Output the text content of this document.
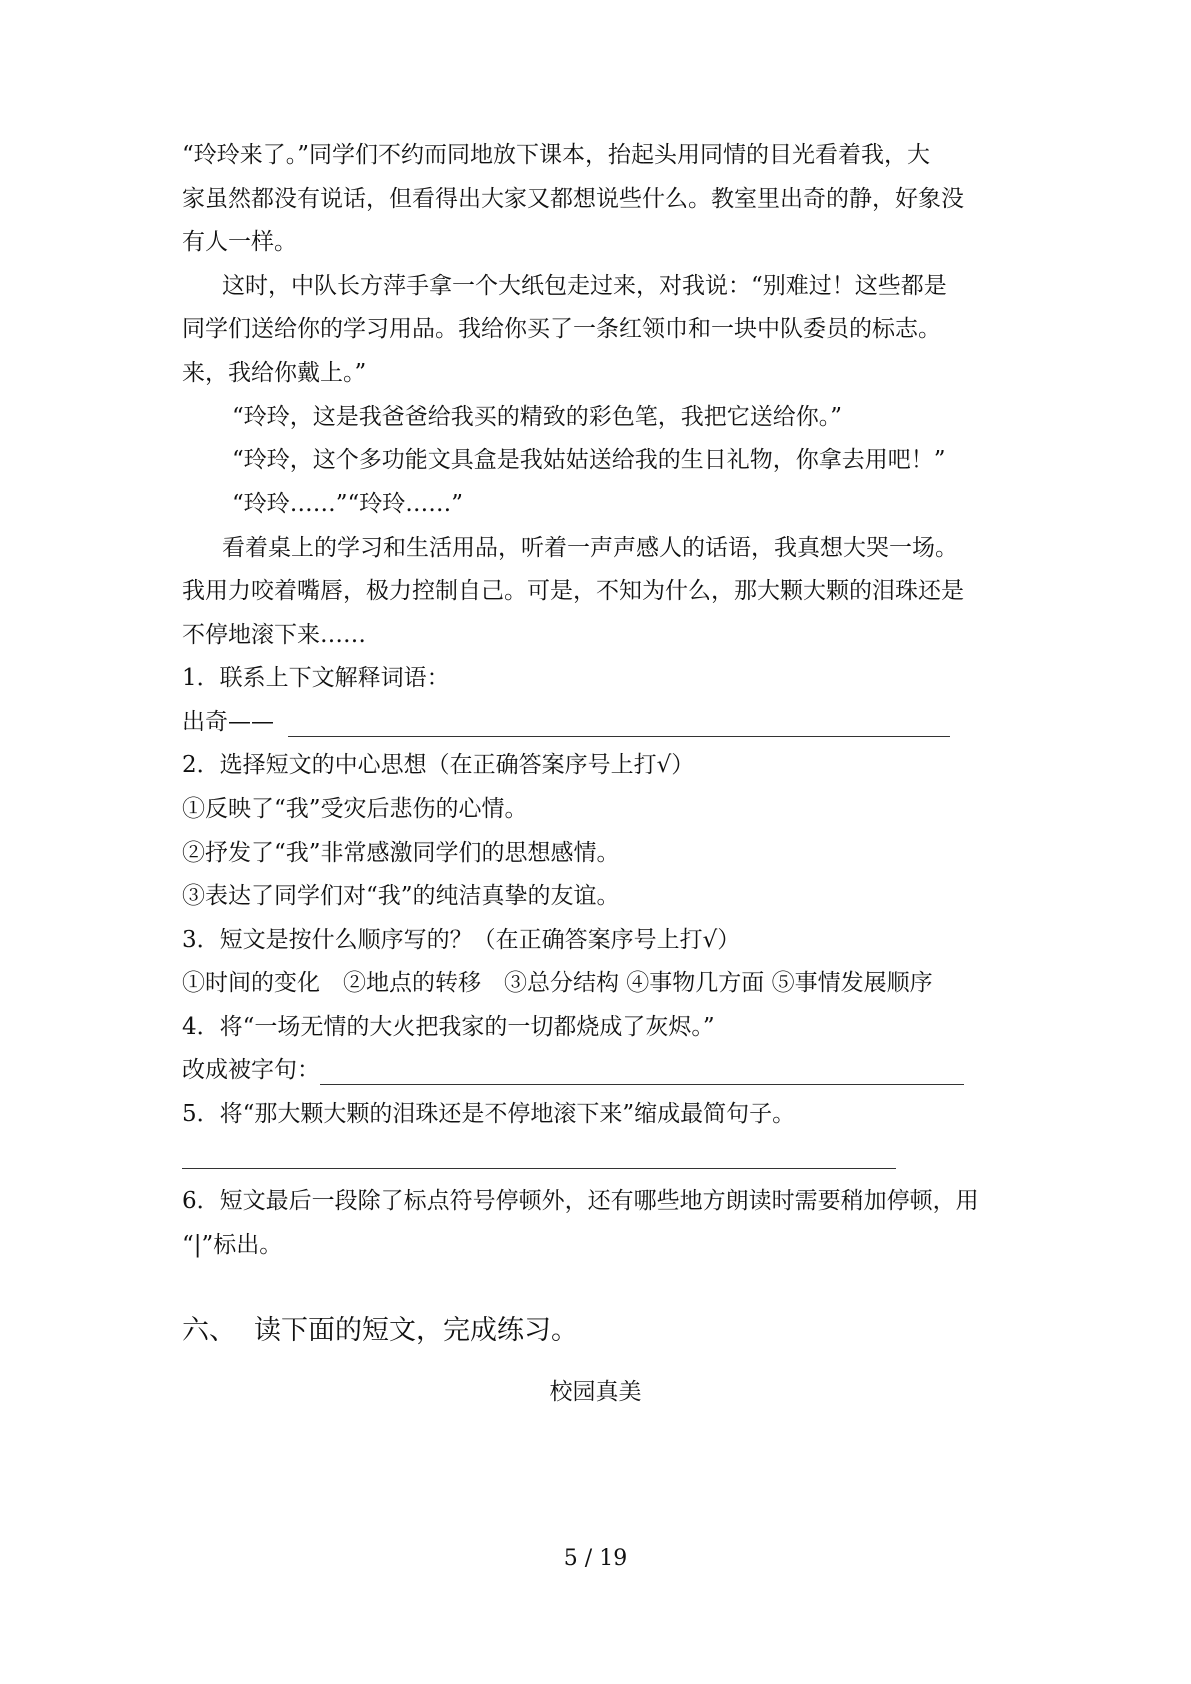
“玲玲来了。”同学们不约而同地放下课本，抬起头用同情的目光看着我，大
家虽然都没有说话，但看得出大家又都想说些什么。教室里出奇的静，好象没
有人一样。
这时，中队长方萍手拿一个大纸包走过来，对我说：“别难过！这些都是
同学们送给你的学习用品。我给你买了一条红领巾和一块中队委员的标志。
来，我给你戴上。”
“玲玲，这是我爸爸给我买的精致的彩色笔，我把它送给你。”
“玲玲，这个多功能文具盒是我姑姑送给我的生日礼物，你拿去用吧！”
“玲玲……”“玲玲……”
看着桌上的学习和生活用品，听着一声声感人的话语，我真想大哭一场。
我用力咬着嘴唇，极力控制自己。可是，不知为什么，那大颗大颗的泪珠还是
不停地滚下来……
1．联系上下文解释词语：
出奇——
2．选择短文的中心思想（在正确答案序号上打√）
①反映了“我”受灾后悲伤的心情。
②抒发了“我”非常感激同学们的思想感情。
③表达了同学们对“我”的纯洁真挚的友谊。
3．短文是按什么顺序写的？（在正确答案序号上打√）
①时间的变化　②地点的转移　③总分结构 ④事物几方面 ⑤事情发展顺序
4．将“一场无情的大火把我家的一切都烧成了灰烬。”
改成被字句：
5．将“那大颗大颗的泪珠还是不停地滚下来”缩成最简句子。
6．短文最后一段除了标点符号停顿外，还有哪些地方朗读时需要稍加停顿，用
“|”标出。
六、 读下面的短文，完成练习。
校园真美
5 / 19
